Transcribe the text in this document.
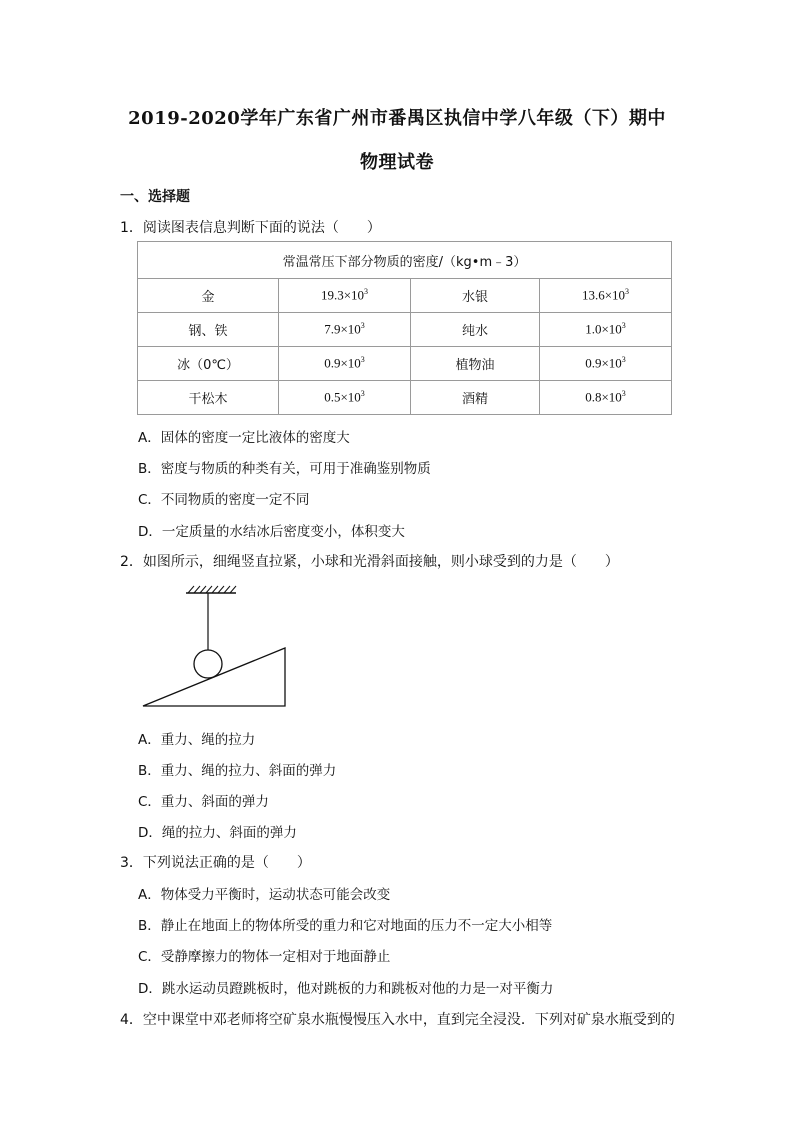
2019-2020学年广东省广州市番禺区执信中学八年级（下）期中
物理试卷
一、选择题
1．阅读图表信息判断下面的说法（　　）
常温常压下部分物质的密度/（kg•m﹣3）			
金	$19.3\times 10^3$	水银	$13.6\times 10^3$
钢、铁	$7.9\times 10^3$	纯水	$1.0\times 10^3$
冰（0℃）	$0.9\times 10^3$	植物油	$0.9\times 10^3$
干松木	$0.5\times 10^3$	酒精	$0.8\times 10^3$
A．固体的密度一定比液体的密度大
B．密度与物质的种类有关，可用于准确鉴别物质
C．不同物质的密度一定不同
D．一定质量的水结冰后密度变小，体积变大
2．如图所示，细绳竖直拉紧，小球和光滑斜面接触，则小球受到的力是（　　）
A．重力、绳的拉力
B．重力、绳的拉力、斜面的弹力
C．重力、斜面的弹力
D．绳的拉力、斜面的弹力
3．下列说法正确的是（　　）
A．物体受力平衡时，运动状态可能会改变
B．静止在地面上的物体所受的重力和它对地面的压力不一定大小相等
C．受静摩擦力的物体一定相对于地面静止
D．跳水运动员蹬跳板时，他对跳板的力和跳板对他的力是一对平衡力
4．空中课堂中邓老师将空矿泉水瓶慢慢压入水中，直到完全浸没．下列对矿泉水瓶受到的
